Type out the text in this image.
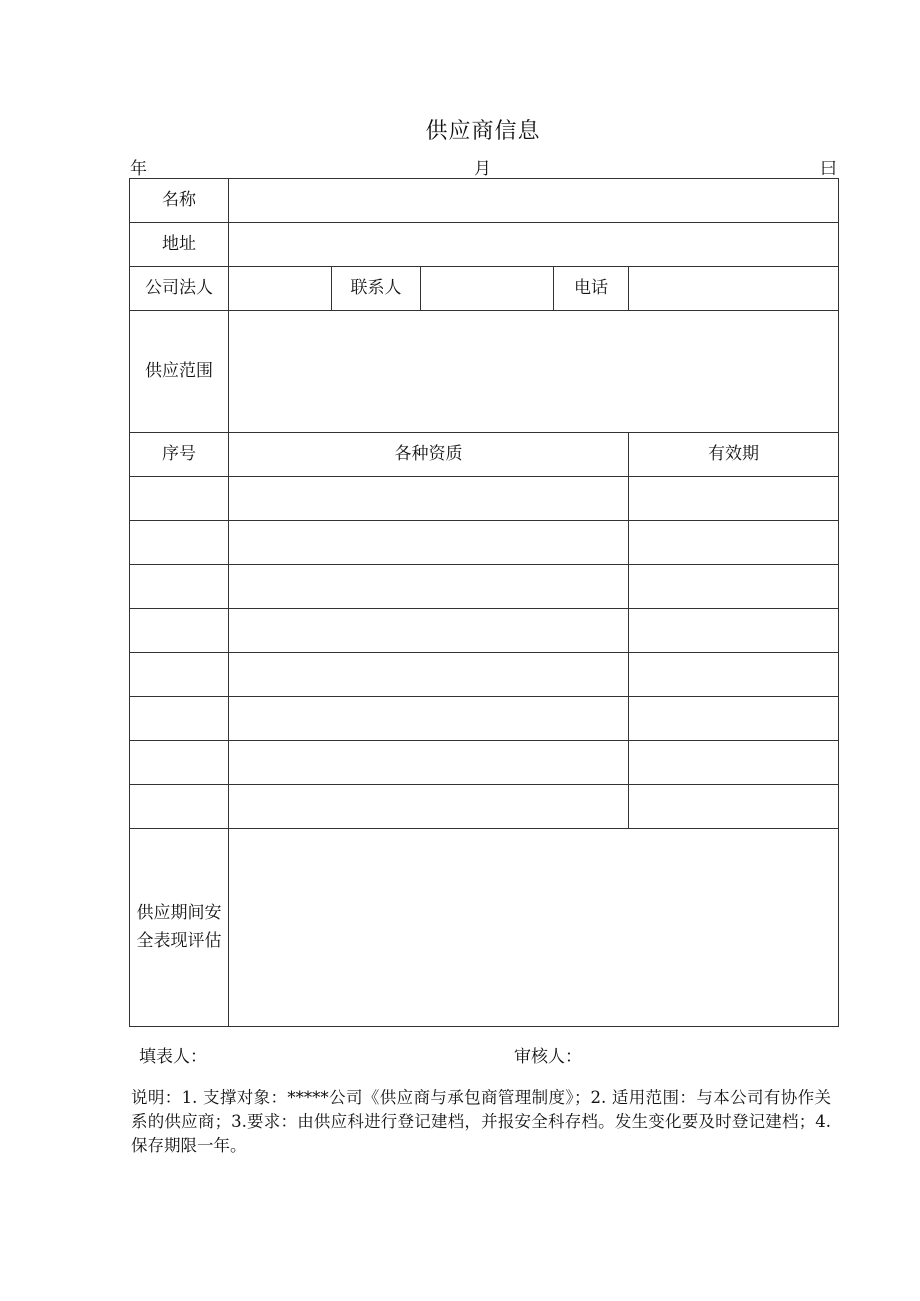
供应商信息
年	月	曰
名称					
地址					
公司法人		联系人		电话	
供应范围					
序号	各种资质				有效期

供应期间安全表现评估					
填表人：	审核人：
说明：1. 支撑对象：*****公司《供应商与承包商管理制度》；2. 适用范围：与本公司有协作关系的供应商；3.要求：由供应科进行登记建档，并报安全科存档。发生变化要及时登记建档；4. 保存期限一年。
